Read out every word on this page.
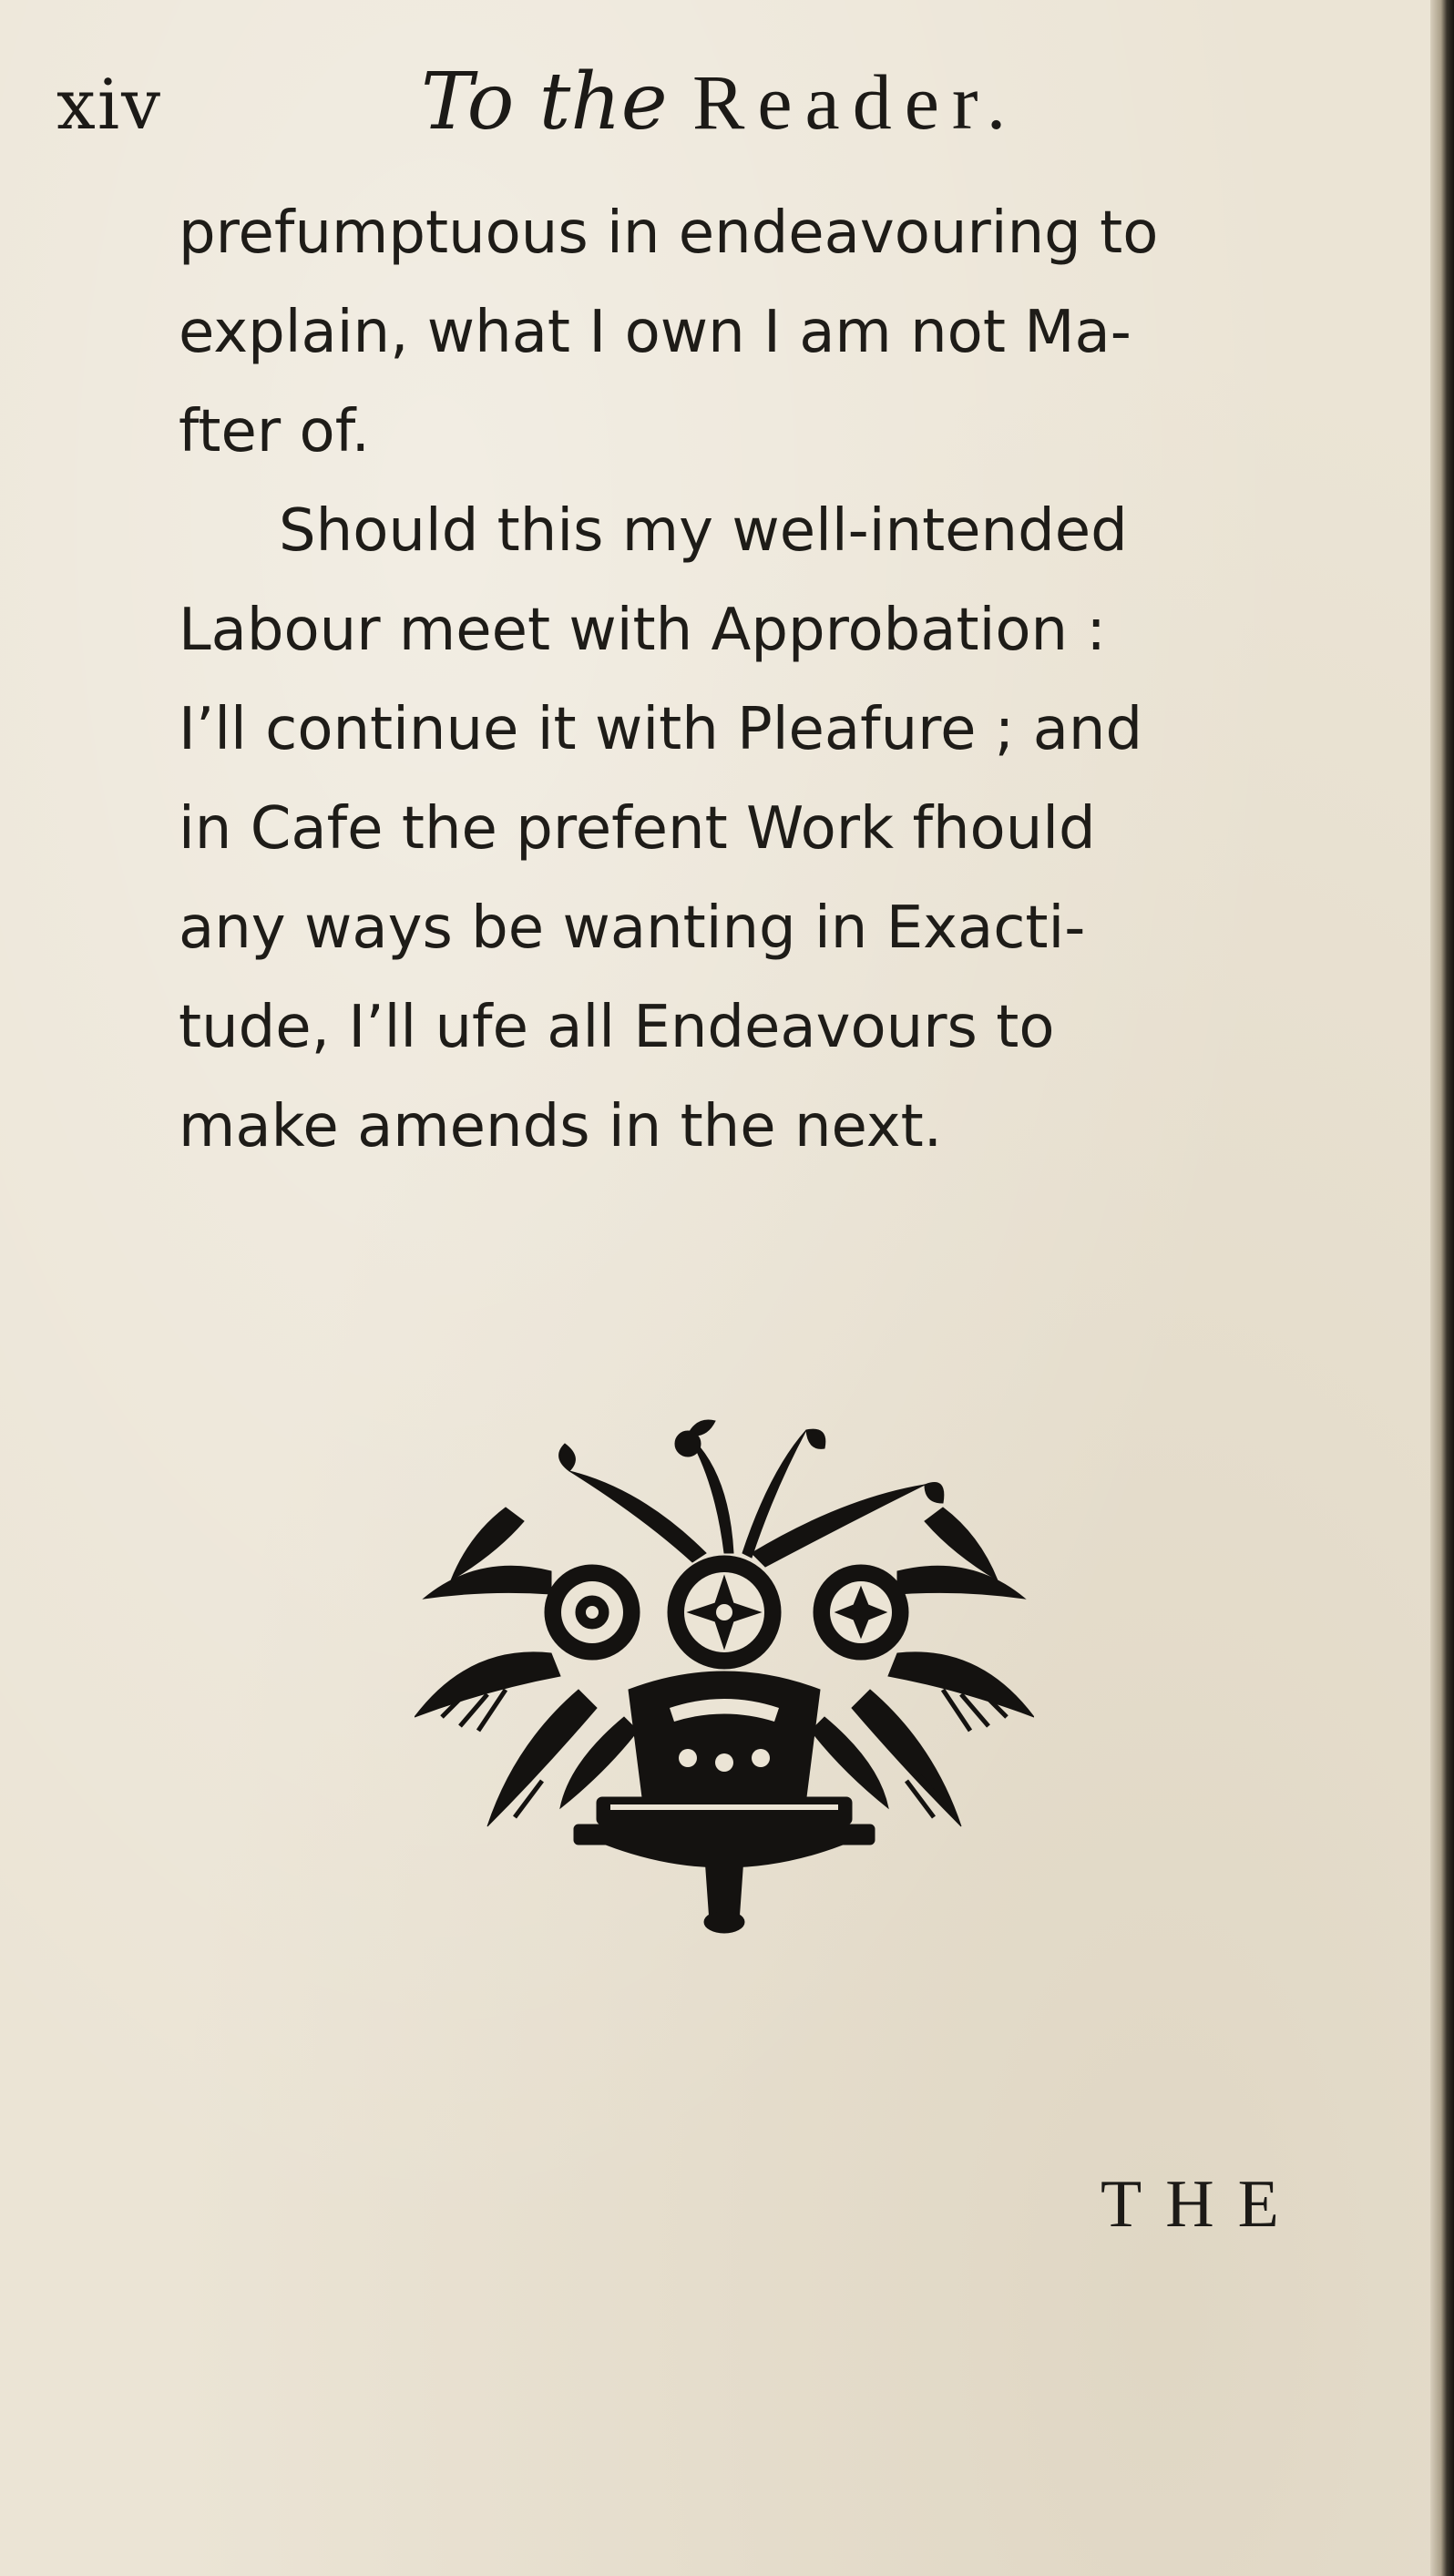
xiv	To the Reader.
prefumptuous in endeavouring to
explain, what I own I am not Ma-
fter of.
Should this my well-intended
Labour meet with Approbation :
I’ll continue it with Pleafure ; and
in Cafe the prefent Work fhould
any ways be wanting in Exacti-
tude, I’ll ufe all Endeavours to
make amends in the next.
THE
